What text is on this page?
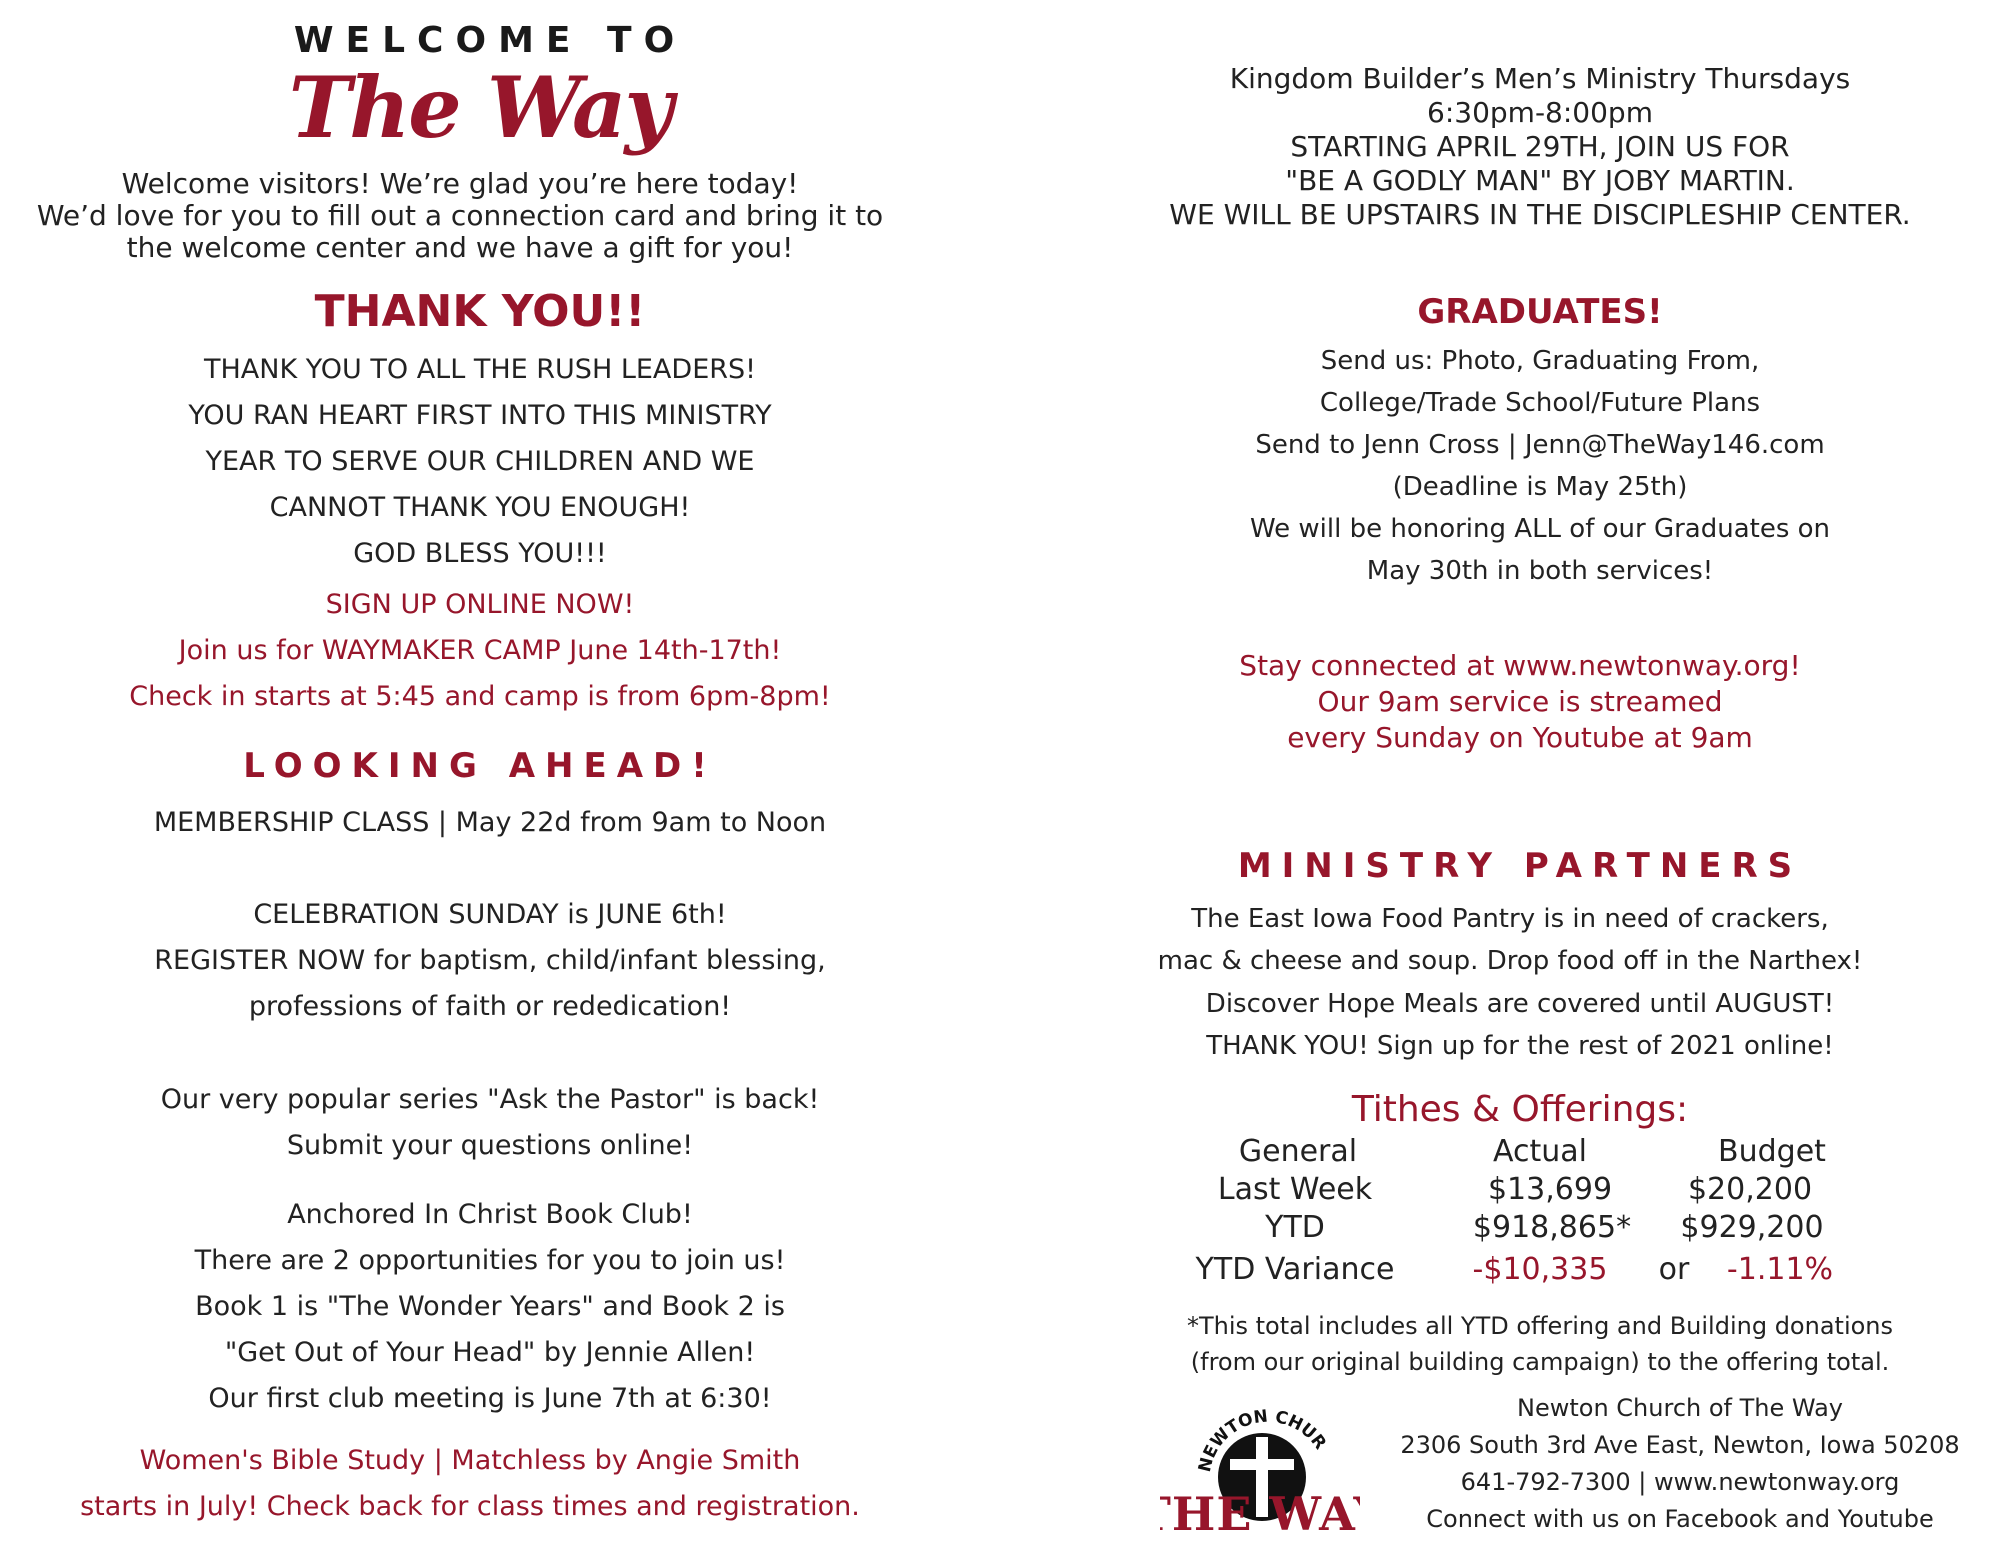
WELCOME TO
The Way
Welcome visitors! We’re glad you’re here today!
We’d love for you to fill out a connection card and bring it to
the welcome center and we have a gift for you!
THANK YOU!!
THANK YOU TO ALL THE RUSH LEADERS!
YOU RAN HEART FIRST INTO THIS MINISTRY
YEAR TO SERVE OUR CHILDREN AND WE
CANNOT THANK YOU ENOUGH!
GOD BLESS YOU!!!
SIGN UP ONLINE NOW!
Join us for WAYMAKER CAMP June 14th-17th!
Check in starts at 5:45 and camp is from 6pm-8pm!
LOOKING AHEAD!
MEMBERSHIP CLASS | May 22d from 9am to Noon
CELEBRATION SUNDAY is JUNE 6th!
REGISTER NOW for baptism, child/infant blessing,
professions of faith or rededication!
Our very popular series "Ask the Pastor" is back!
Submit your questions online!
Anchored In Christ Book Club!
There are 2 opportunities for you to join us!
Book 1 is "The Wonder Years" and Book 2 is
"Get Out of Your Head" by Jennie Allen!
Our first club meeting is June 7th at 6:30!
Women's Bible Study | Matchless by Angie Smith
starts in July! Check back for class times and registration.
Kingdom Builder’s Men’s Ministry Thursdays
6:30pm-8:00pm
STARTING APRIL 29TH, JOIN US FOR
"BE A GODLY MAN" BY JOBY MARTIN.
WE WILL BE UPSTAIRS IN THE DISCIPLESHIP CENTER.
GRADUATES!
Send us: Photo, Graduating From,
College/Trade School/Future Plans
Send to Jenn Cross | Jenn@TheWay146.com
(Deadline is May 25th)
We will be honoring ALL of our Graduates on
May 30th in both services!
Stay connected at www.newtonway.org!
Our 9am service is streamed
every Sunday on Youtube at 9am
MINISTRY PARTNERS
The East Iowa Food Pantry is in need of crackers,
mac & cheese and soup. Drop food off in the Narthex!
Discover Hope Meals are covered until AUGUST!
THANK YOU! Sign up for the rest of 2021 online!
Tithes & Offerings:
General	Actual	Budget
Last Week	$13,699	$20,200
YTD	$918,865* $929,200
YTD Variance	-$10,335 or -1.11%
*This total includes all YTD offering and Building donations
(from our original building campaign) to the offering total.
NEWTON CHUR
HE WA
Newton Church of The Way
2306 South 3rd Ave East, Newton, Iowa 50208
641-792-7300 | www.newtonway.org
Connect with us on Facebook and Youtube
